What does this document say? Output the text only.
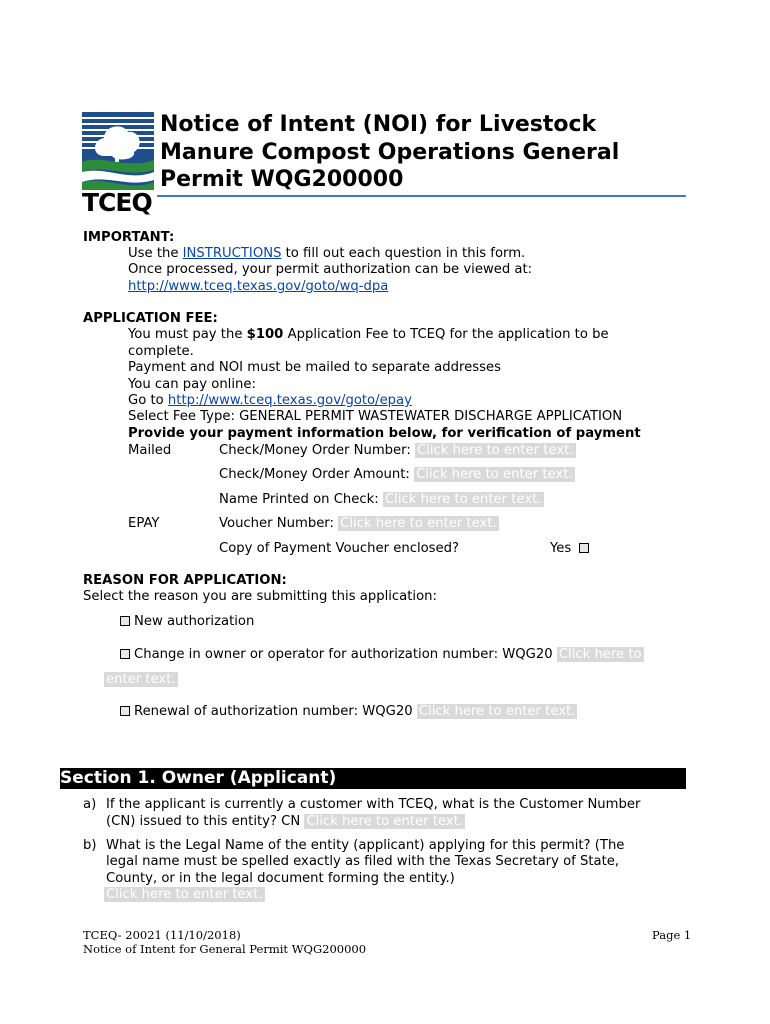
TCEQ
Notice of Intent (NOI) for Livestock
Manure Compost Operations General
Permit WQG200000
IMPORTANT:
Use the INSTRUCTIONS to fill out each question in this form.
Once processed, your permit authorization can be viewed at:
http://www.tceq.texas.gov/goto/wq-dpa
APPLICATION FEE:
You must pay the $100 Application Fee to TCEQ for the application to be
complete.
Payment and NOI must be mailed to separate addresses
You can pay online:
Go to http://www.tceq.texas.gov/goto/epay
Select Fee Type: GENERAL PERMIT WASTEWATER DISCHARGE APPLICATION
Provide your payment information below, for verification of payment
Mailed	Check/Money Order Number: Click here to enter text.
Check/Money Order Amount: Click here to enter text.
Name Printed on Check: Click here to enter text.
EPAY	Voucher Number: Click here to enter text.
Copy of Payment Voucher enclosed?	Yes
REASON FOR APPLICATION:
Select the reason you are submitting this application:
New authorization
Change in owner or operator for authorization number: WQG20 Click here to
enter text.
Renewal of authorization number: WQG20 Click here to enter text.
Section 1. Owner (Applicant)
a) If the applicant is currently a customer with TCEQ, what is the Customer Number
(CN) issued to this entity? CN Click here to enter text.
b) What is the Legal Name of the entity (applicant) applying for this permit? (The
legal name must be spelled exactly as filed with the Texas Secretary of State,
County, or in the legal document forming the entity.)
Click here to enter text.
TCEQ- 20021 (11/10/2018)
Notice of Intent for General Permit WQG200000
Page 1
